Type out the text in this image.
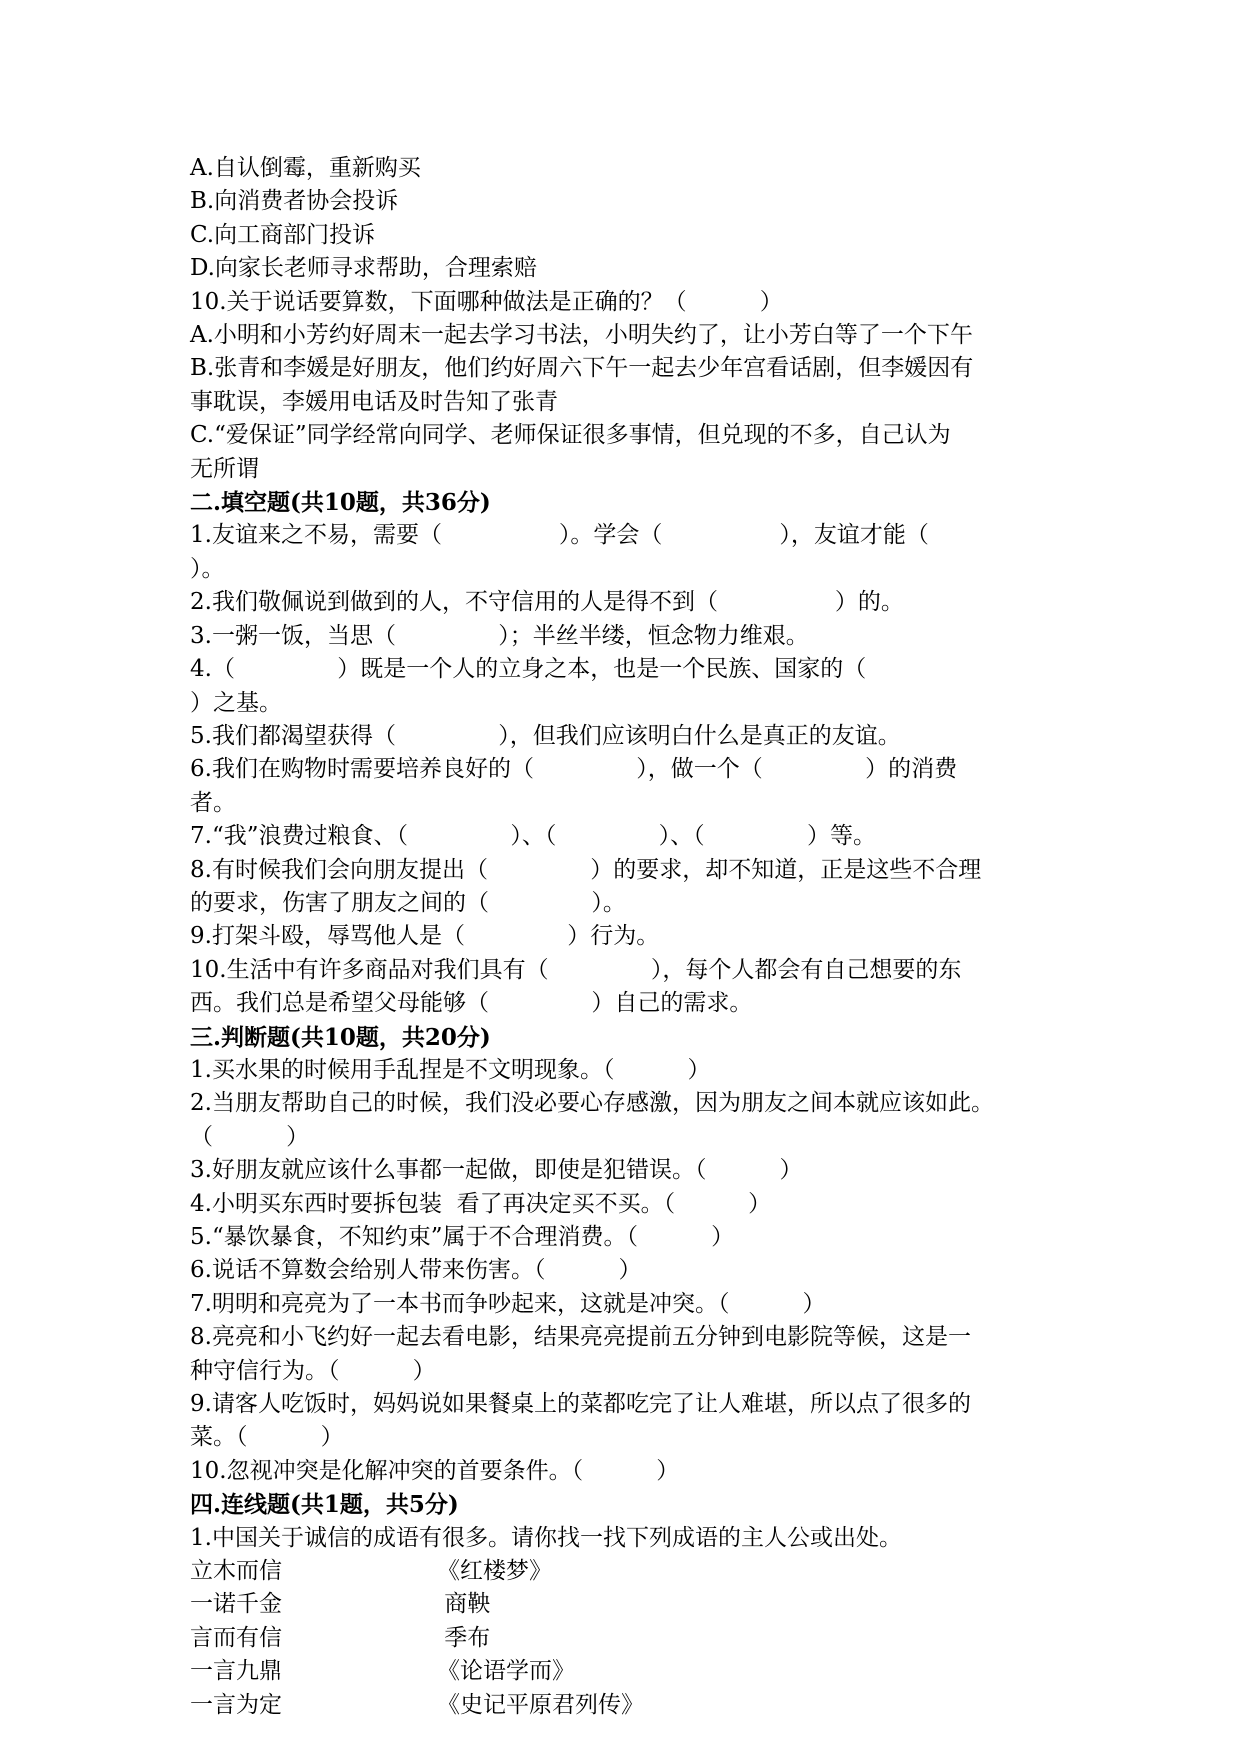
A.自认倒霉，重新购买
B.向消费者协会投诉
C.向工商部门投诉
D.向家长老师寻求帮助，合理索赔
10.关于说话要算数，下面哪种做法是正确的？（          ）
A.小明和小芳约好周末一起去学习书法，小明失约了，让小芳白等了一个下午
B.张青和李媛是好朋友，他们约好周六下午一起去少年宫看话剧，但李媛因有
事耽误，李媛用电话及时告知了张青
C.“爱保证”同学经常向同学、老师保证很多事情，但兑现的不多，自己认为
无所谓
二.填空题(共10题，共36分)
1.友谊来之不易，需要（                ）。学会（                ），友谊才能（
）。
2.我们敬佩说到做到的人，不守信用的人是得不到（                ）的。
3.一粥一饭，当思（              ）；半丝半缕，恒念物力维艰。
4.（              ）既是一个人的立身之本，也是一个民族、国家的（
）之基。
5.我们都渴望获得（              ），但我们应该明白什么是真正的友谊。
6.我们在购物时需要培养良好的（              ），做一个（              ）的消费
者。
7.“我”浪费过粮食、（              ）、（              ）、（              ）等。
8.有时候我们会向朋友提出（              ）的要求，却不知道，正是这些不合理
的要求，伤害了朋友之间的（              ）。
9.打架斗殴，辱骂他人是（              ）行为。
10.生活中有许多商品对我们具有（              ），每个人都会有自己想要的东
西。我们总是希望父母能够（              ）自己的需求。
三.判断题(共10题，共20分)
1.买水果的时候用手乱捏是不文明现象。（          ）
2.当朋友帮助自己的时候，我们没必要心存感激，因为朋友之间本就应该如此。
（          ）
3.好朋友就应该什么事都一起做，即使是犯错误。（          ）
4.小明买东西时要拆包装  看了再决定买不买。（          ）
5.“暴饮暴食，不知约束”属于不合理消费。（          ）
6.说话不算数会给别人带来伤害。（          ）
7.明明和亮亮为了一本书而争吵起来，这就是冲突。（          ）
8.亮亮和小飞约好一起去看电影，结果亮亮提前五分钟到电影院等候，这是一
种守信行为。（          ）
9.请客人吃饭时，妈妈说如果餐桌上的菜都吃完了让人难堪，所以点了很多的
菜。（          ）
10.忽视冲突是化解冲突的首要条件。（          ）
四.连线题(共1题，共5分)
1.中国关于诚信的成语有很多。请你找一找下列成语的主人公或出处。
立木而信	《红楼梦》
一诺千金	商鞅
言而有信	季布
一言九鼎	《论语学而》
一言为定	《史记平原君列传》
